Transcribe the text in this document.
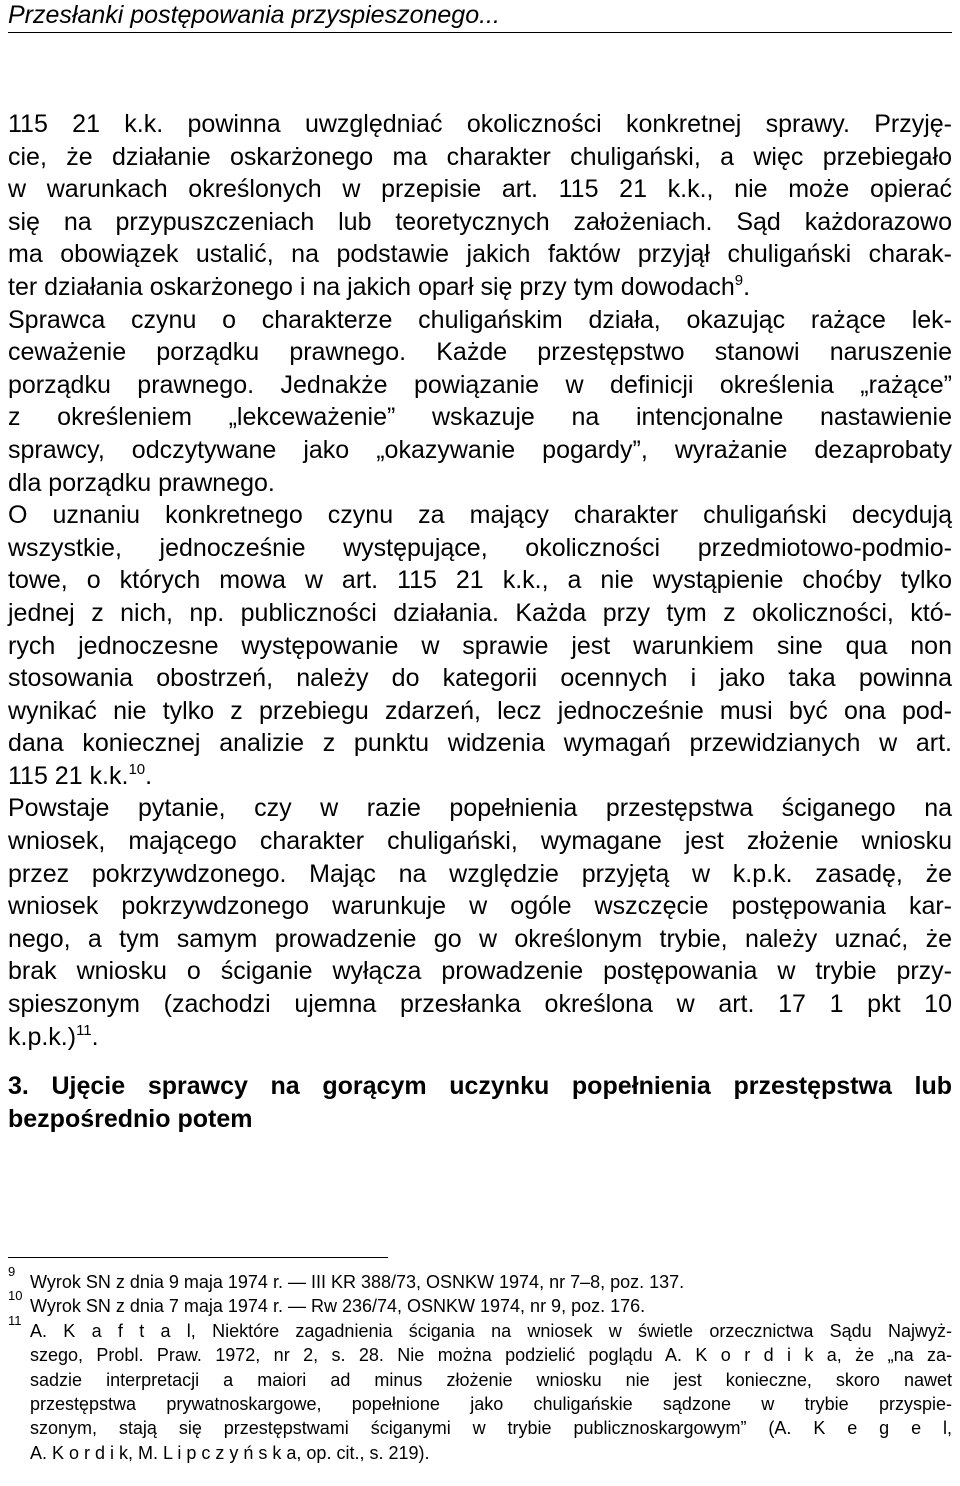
Przesłanki postępowania przyspieszonego...
115 21 k.k. powinna uwzględniać okoliczności konkretnej sprawy. Przyję-
cie, że działanie oskarżonego ma charakter chuligański, a więc przebiegało
w warunkach określonych w przepisie art. 115 21 k.k., nie może opierać
się na przypuszczeniach lub teoretycznych założeniach. Sąd każdorazowo
ma obowiązek ustalić, na podstawie jakich faktów przyjął chuligański charak-
ter działania oskarżonego i na jakich oparł się przy tym dowodach$^9$.
Sprawca czynu o charakterze chuligańskim działa, okazując rażące lek-
ceważenie porządku prawnego. Każde przestępstwo stanowi naruszenie
porządku prawnego. Jednakże powiązanie w definicji określenia „rażące”
z określeniem „lekceważenie” wskazuje na intencjonalne nastawienie
sprawcy, odczytywane jako „okazywanie pogardy”, wyrażanie dezaprobaty
dla porządku prawnego.
O uznaniu konkretnego czynu za mający charakter chuligański decydują
wszystkie, jednocześnie występujące, okoliczności przedmiotowo-podmio-
towe, o których mowa w art. 115 21 k.k., a nie wystąpienie choćby tylko
jednej z nich, np. publiczności działania. Każda przy tym z okoliczności, któ-
rych jednoczesne występowanie w sprawie jest warunkiem sine qua non
stosowania obostrzeń, należy do kategorii ocennych i jako taka powinna
wynikać nie tylko z przebiegu zdarzeń, lecz jednocześnie musi być ona pod-
dana koniecznej analizie z punktu widzenia wymagań przewidzianych w art.
115 21 k.k.$^{10}$.
Powstaje pytanie, czy w razie popełnienia przestępstwa ściganego na
wniosek, mającego charakter chuligański, wymagane jest złożenie wniosku
przez pokrzywdzonego. Mając na względzie przyjętą w k.p.k. zasadę, że
wniosek pokrzywdzonego warunkuje w ogóle wszczęcie postępowania kar-
nego, a tym samym prowadzenie go w określonym trybie, należy uznać, że
brak wniosku o ściganie wyłącza prowadzenie postępowania w trybie przy-
spieszonym (zachodzi ujemna przesłanka określona w art. 17 1 pkt 10
k.p.k.)$^{11}$.
3. Ujęcie sprawcy na gorącym uczynku popełnienia przestępstwa lub
bezpośrednio potem
9
Wyrok SN z dnia 9 maja 1974 r. — III KR 388/73, OSNKW 1974, nr 7–8, poz. 137.
10
Wyrok SN z dnia 7 maja 1974 r. — Rw 236/74, OSNKW 1974, nr 9, poz. 176.
11
A. K a f t a l, Niektóre zagadnienia ścigania na wniosek w świetle orzecznictwa Sądu Najwyż-
szego, Probl. Praw. 1972, nr 2, s. 28. Nie można podzielić poglądu A. K o r d i k a, że „na za-
sadzie interpretacji a maiori ad minus złożenie wniosku nie jest konieczne, skoro nawet
przestępstwa prywatnoskargowe, popełnione jako chuligańskie sądzone w trybie przyspie-
szonym, stają się przestępstwami ściganymi w trybie publicznoskargowym” (A. K e g e l,
A. K o r d i k, M. L i p c z y ń s k a, op. cit., s. 219).
